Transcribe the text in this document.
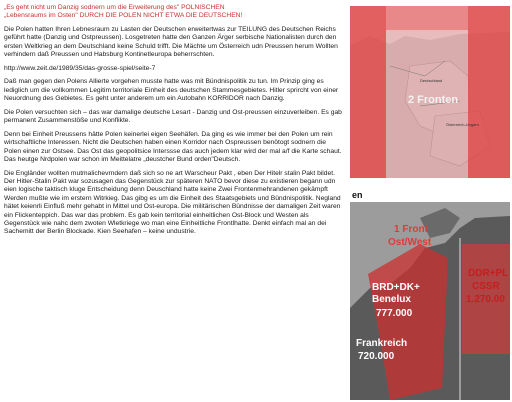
„Es geht nicht um Danzig sodnern um die Erweiterung des" POLNISCHEN
„Lebensraums im Osten" DURCH DIE POLEN NICHT ETWA DIE DEUTSCHEN!

Die Polen hatten Ihren Lebnesraum zu Lasten der Deutschen erweitertwas zur TEILUNG des Deutschen Reichs geführt hatte (Danzig und Ostpreussen). Losgetreten hatte den Ganzen Ärger serbische Nationalisten durch den ersten Weltkrieg an dem Deutschland keine Schuld trifft. Die Mächte um Österreich udn Preussen herum Wollten verhindern daß Preussen und Habsburg Kontinetleuropa beherrschten.

http://www.zeit.de/1989/35/das-grosse-spiel/seite-7

Daß man gegen den Polens Allierte vorgehen musste hatte was mit Bündnispolitik zu tun. Im Prinzip ging es lediglich um die vollkommen Legitim territoriale Einheit des deutschen Stammesgebietes. Hitler sprircht von einer Neuordnung des Gebietes. Es geht unter anderem um ein Autobahn KORRIDOR nach Danzig.

Die Polen versuchten sich – das war damalige deutsche Lesart - Danzig und Ost-preussen einzuverleiben. Es gab permanent Zusammenstöße und Konflikte.

Denn bei Einheit Preussens hätte Polen keinerlei eigen Seehäfen. Da ging es wie immer bei den Polen um rein wirtschaftliche Interessen. Nicht die Deutschen haben einen Korridor nach Ospreussen benötogt sodnern die Polen einen zur Ostsee. Das Ost das geopolitsice Interssse das auch jedem klar wird der mal a/f die Karte schaut. Das heutge Nrdpolen war schon im Meittelatre „deustcher Bund orden"Deutsch.

Die Engländer wollten mutmalichevrndern daß sich so ne art Warscheur Pakt , eben Der Hitelr stalin Pakt bildet. Der Hitler-Stalin Pakt war sozusagen das Gegenstück zur späteren NATO bevor diese zu existieren begann udn eien logische taktisch kluge Entscheidung denn Deuschland hatte keine Zwei Frontenmehrandenen gekämpft Werden mußte wie im erstern Witrkieg. Das gibg es um die Einheit des Staatsgebiets und Bündnispolitik. Negland hätet keienrli Einfluß mehr gehabt in Mittel und Ost-europa. Die militärischen Bündnisse der damaligen Zeit waren ein Flickenteppich. Das war das problem. Es gab kein territorial einheitlichen Ost-Block und Westen als Gegenstück wie nahc dem zwoten Wletkriege wo man eine Einheitliche Frontlhatte. Denkt einfach mal an dei Sachemitt der Berlin Blockade. Kien Seehafen – keine undustrie.

Deutschland
Österreich-Ungarn
2 Fronten
en
1 Front
Ost/West
BRD+DK+
Benelux
777.000
DDR+PL
CSSR
1.270.00
Frankreich
720.000
